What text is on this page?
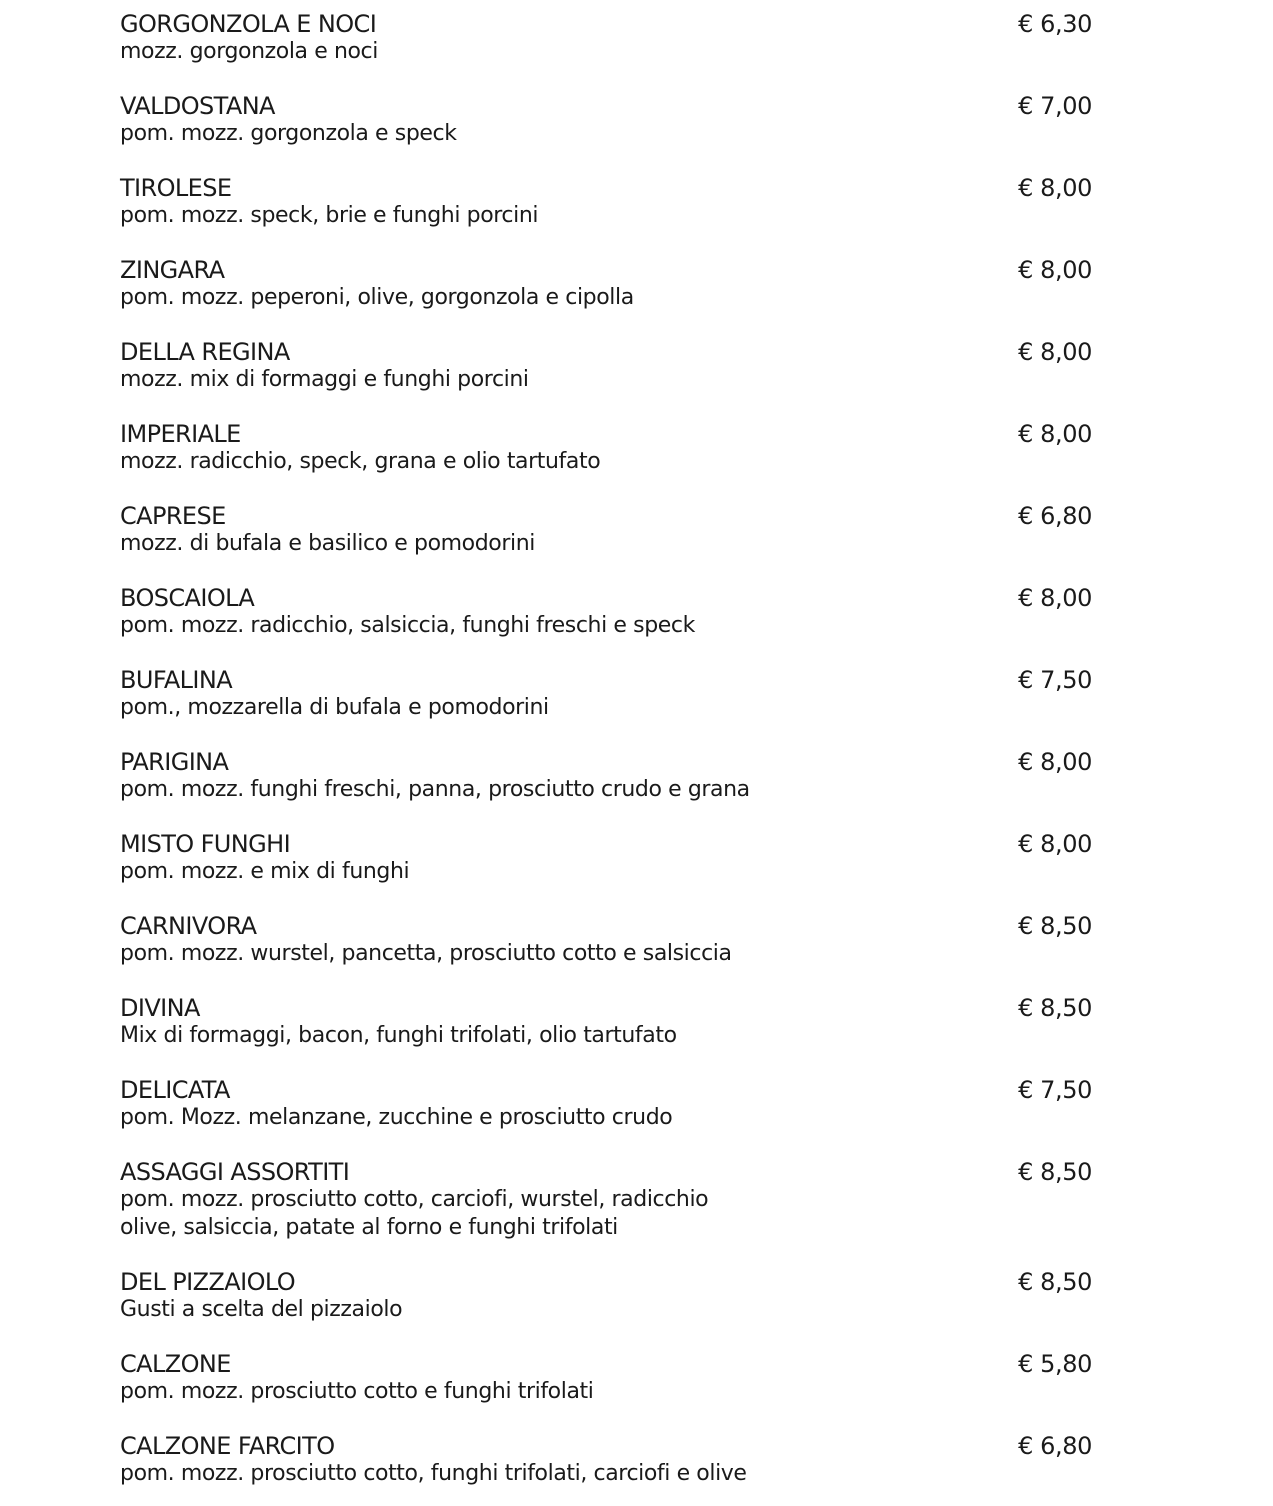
GORGONZOLA E NOCI	€ 6,30
mozz. gorgonzola e noci
VALDOSTANA	€ 7,00
pom. mozz. gorgonzola e speck
TIROLESE	€ 8,00
pom. mozz. speck, brie e funghi porcini
ZINGARA	€ 8,00
pom. mozz. peperoni, olive, gorgonzola e cipolla
DELLA REGINA	€ 8,00
mozz. mix di formaggi e funghi porcini
IMPERIALE	€ 8,00
mozz. radicchio, speck, grana e olio tartufato
CAPRESE	€ 6,80
mozz. di bufala e basilico e pomodorini
BOSCAIOLA	€ 8,00
pom. mozz. radicchio, salsiccia, funghi freschi e speck
BUFALINA	€ 7,50
pom., mozzarella di bufala e pomodorini
PARIGINA	€ 8,00
pom. mozz. funghi freschi, panna, prosciutto crudo e grana
MISTO FUNGHI	€ 8,00
pom. mozz. e mix di funghi
CARNIVORA	€ 8,50
pom. mozz. wurstel, pancetta, prosciutto cotto e salsiccia
DIVINA	€ 8,50
Mix di formaggi, bacon, funghi trifolati, olio tartufato
DELICATA	€ 7,50
pom. Mozz. melanzane, zucchine e prosciutto crudo
ASSAGGI ASSORTITI	€ 8,50
pom. mozz. prosciutto cotto, carciofi, wurstel, radicchio
olive, salsiccia, patate al forno e funghi trifolati
DEL PIZZAIOLO	€ 8,50
Gusti a scelta del pizzaiolo
CALZONE	€ 5,80
pom. mozz. prosciutto cotto e funghi trifolati
CALZONE FARCITO	€ 6,80
pom. mozz. prosciutto cotto, funghi trifolati, carciofi e olive
